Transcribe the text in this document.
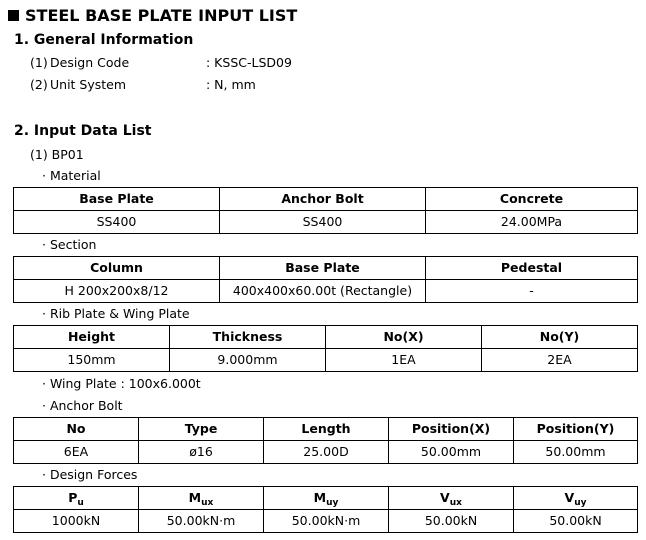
STEEL BASE PLATE INPUT LIST
1. General Information
(1) Design Code	: KSSC-LSD09
(2) Unit System	: N, mm
2. Input Data List
(1) BP01
· Material
Base Plate	Anchor Bolt	Concrete
SS400	SS400	24.00MPa
· Section
Column	Base Plate	Pedestal
H 200x200x8/12	400x400x60.00t (Rectangle)	-
· Rib Plate & Wing Plate
Height	Thickness	No(X)	No(Y)
150mm	9.000mm	1EA	2EA
· Wing Plate : 100x6.000t
· Anchor Bolt
No	Type	Length	Position(X)	Position(Y)
6EA	ø16	25.00D	50.00mm	50.00mm
· Design Forces
$P_u$	$M_{ux}$	$M_{uy}$	$V_{ux}$	$V_{uy}$
1000kN	50.00kN·m	50.00kN·m	50.00kN	50.00kN
